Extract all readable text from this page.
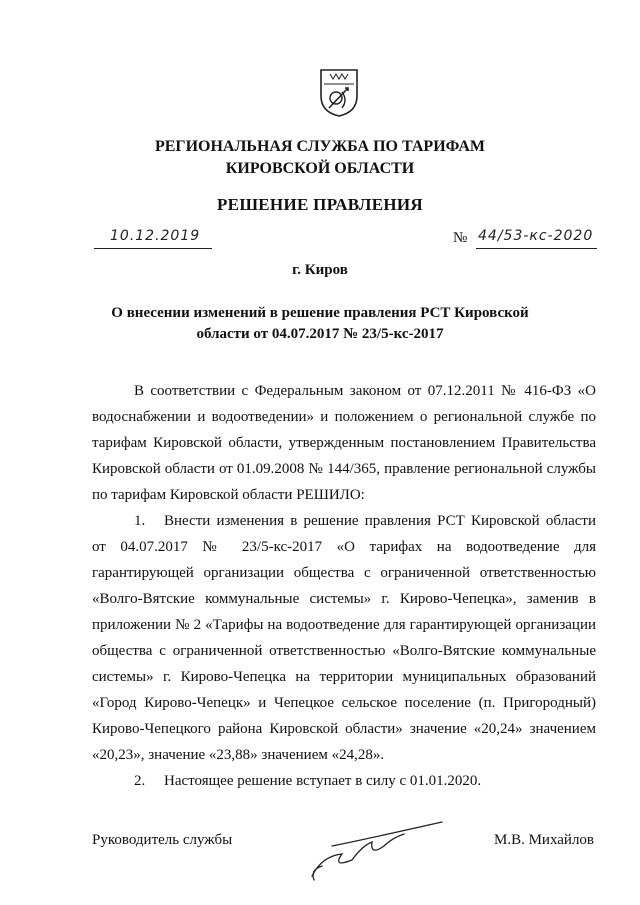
РЕГИОНАЛЬНАЯ СЛУЖБА ПО ТАРИФАМ
КИРОВСКОЙ ОБЛАСТИ
РЕШЕНИЕ ПРАВЛЕНИЯ
10.12.2019	№ 44/53-кс-2020
г. Киров
О внесении изменений в решение правления РСТ Кировской области от 04.07.2017 № 23/5-кс-2017

В соответствии с Федеральным законом от 07.12.2011 № 416-ФЗ «О водоснабжении и водоотведении» и положением о региональной службе по тарифам Кировской области, утвержденным постановлением Правительства Кировской области от 01.09.2008 № 144/365, правление региональной службы по тарифам Кировской области РЕШИЛО:

1. Внести изменения в решение правления РСТ Кировской области от 04.07.2017 № 23/5-кс-2017 «О тарифах на водоотведение для гарантирующей организации общества с ограниченной ответственностью «Волго-Вятские коммунальные системы» г. Кирово-Чепецка», заменив в приложении № 2 «Тарифы на водоотведение для гарантирующей организации общества с ограниченной ответственностью «Волго-Вятские коммунальные системы» г. Кирово-Чепецка на территории муниципальных образований «Город Кирово-Чепецк» и Чепецкое сельское поселение (п. Пригородный) Кирово-Чепецкого района Кировской области» значение «20,24» значением «20,23», значение «23,88» значением «24,28».

2. Настоящее решение вступает в силу с 01.01.2020.

Руководитель службы	М.В. Михайлов
